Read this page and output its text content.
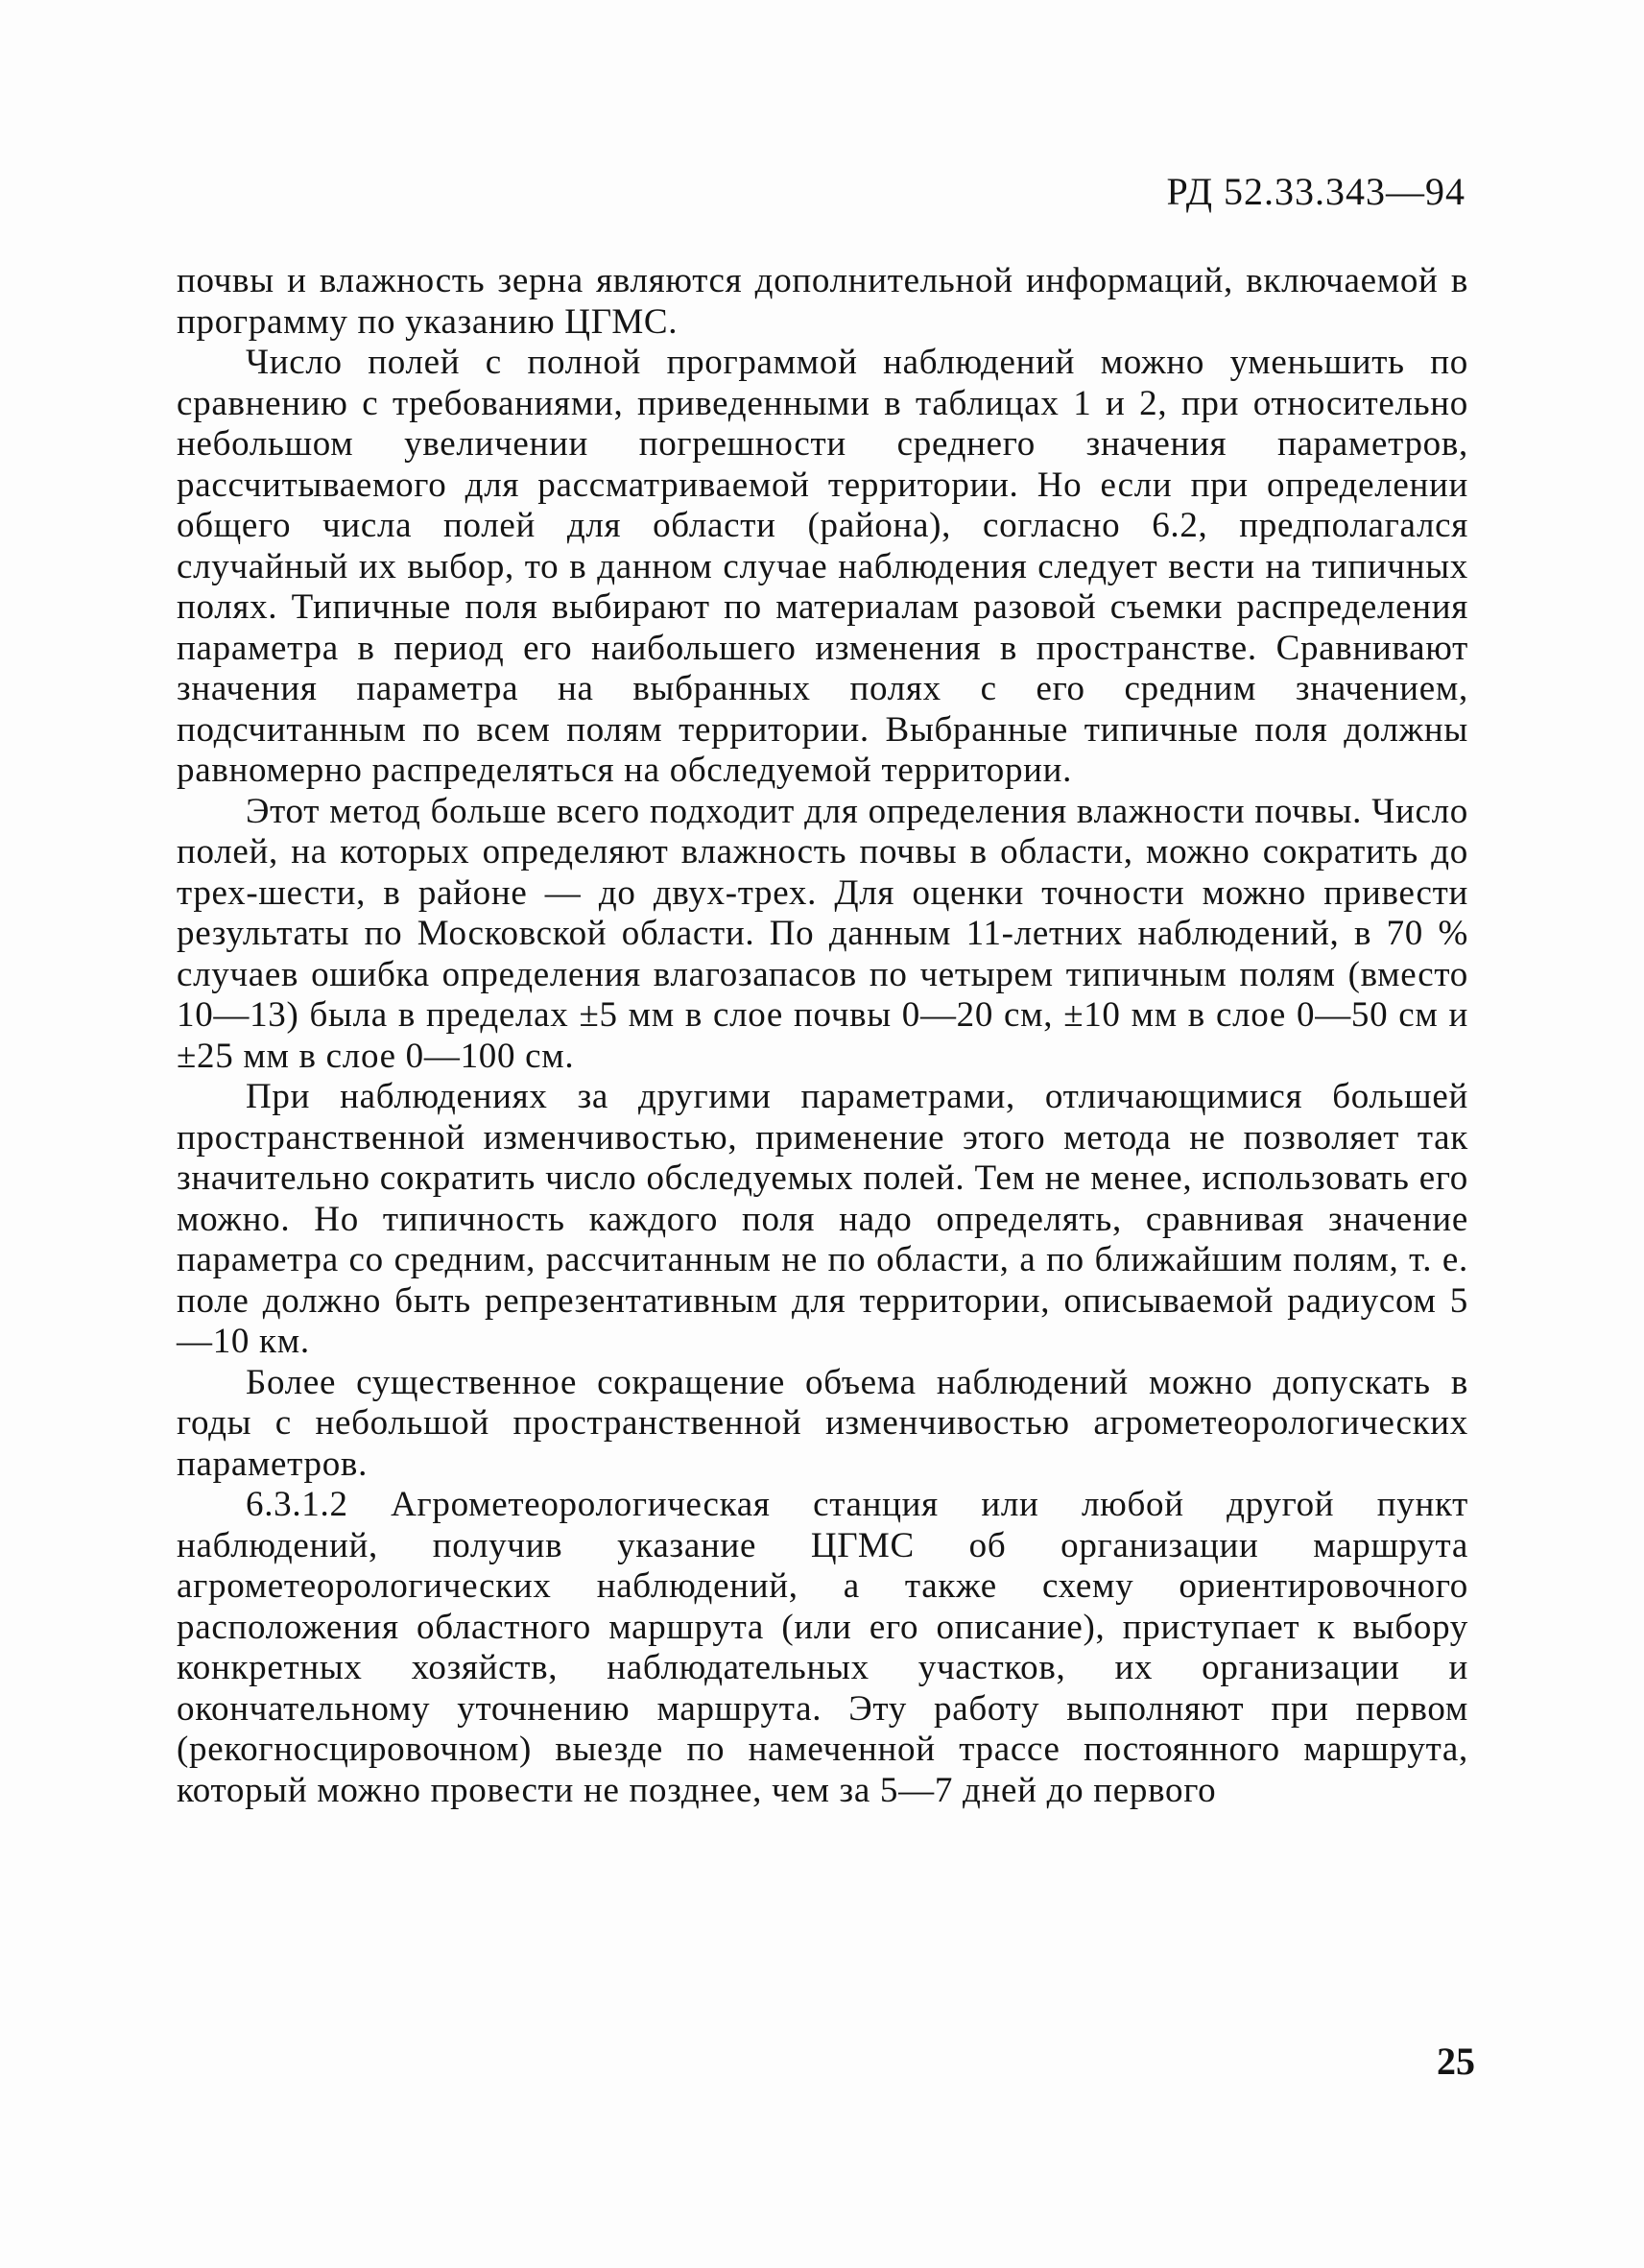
РД 52.33.343—94

почвы и влажность зерна являются дополнительной информаций, включаемой в программу по указанию ЦГМС.

Число полей с полной программой наблюдений можно уменьшить по сравнению с требованиями, приведенными в таблицах 1 и 2, при относительно небольшом увеличении погрешности среднего значения параметров, рассчитываемого для рассматриваемой территории. Но если при определении общего числа полей для области (района), согласно 6.2, предполагался случайный их выбор, то в данном случае наблюдения следует вести на типичных полях. Типичные поля выбирают по материалам разовой съемки распределения параметра в период его наибольшего изменения в пространстве. Сравнивают значения параметра на выбранных полях с его средним значением, подсчитанным по всем полям территории. Выбранные типичные поля должны равномерно распределяться на обследуемой территории.

Этот метод больше всего подходит для определения влажности почвы. Число полей, на которых определяют влажность почвы в области, можно сократить до трех-шести, в районе — до двух-трех. Для оценки точности можно привести результаты по Московской области. По данным 11-летних наблюдений, в 70 % случаев ошибка определения влагозапасов по четырем типичным полям (вместо 10—13) была в пределах ±5 мм в слое почвы 0—20 см, ±10 мм в слое 0—50 см и ±25 мм в слое 0—100 см.

При наблюдениях за другими параметрами, отличающимися большей пространственной изменчивостью, применение этого метода не позволяет так значительно сократить число обследуемых полей. Тем не менее, использовать его можно. Но типичность каждого поля надо определять, сравнивая значение параметра со средним, рассчитанным не по области, а по ближайшим полям, т. е. поле должно быть репрезентативным для территории, описываемой радиусом 5—10 км.

Более существенное сокращение объема наблюдений можно допускать в годы с небольшой пространственной изменчивостью агрометеорологических параметров.

6.3.1.2 Агрометеорологическая станция или любой другой пункт наблюдений, получив указание ЦГМС об организации маршрута агрометеорологических наблюдений, а также схему ориентировочного расположения областного маршрута (или его описание), приступает к выбору конкретных хозяйств, наблюдательных участков, их организации и окончательному уточнению маршрута. Эту работу выполняют при первом (рекогносцировочном) выезде по намеченной трассе постоянного маршрута, который можно провести не позднее, чем за 5—7 дней до первого

25
